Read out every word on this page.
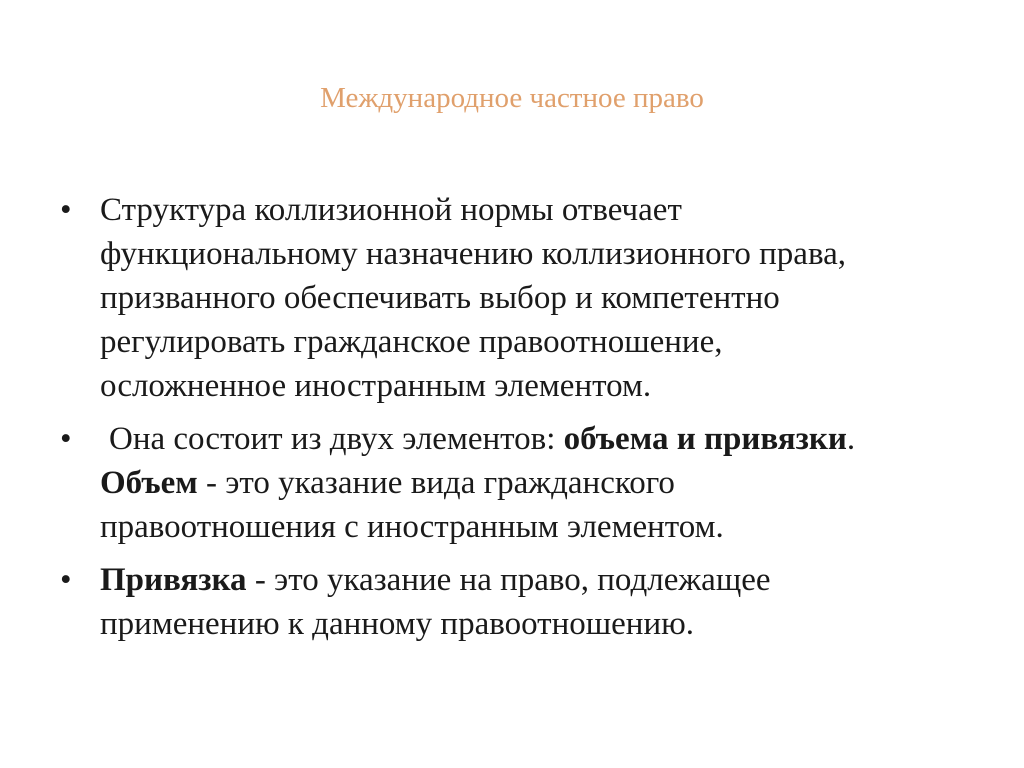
Международное частное право
• Структура коллизионной нормы отвечает
функциональному назначению коллизионного права,
призванного обеспечивать выбор и компетентно
регулировать гражданское правоотношение,
осложненное иностранным элементом.
•	Она состоит из двух элементов: объема и привязки.
Объем - это указание вида гражданского
правоотношения с иностранным элементом.
• Привязка - это указание на право, подлежащее
применению к данному правоотношению.
